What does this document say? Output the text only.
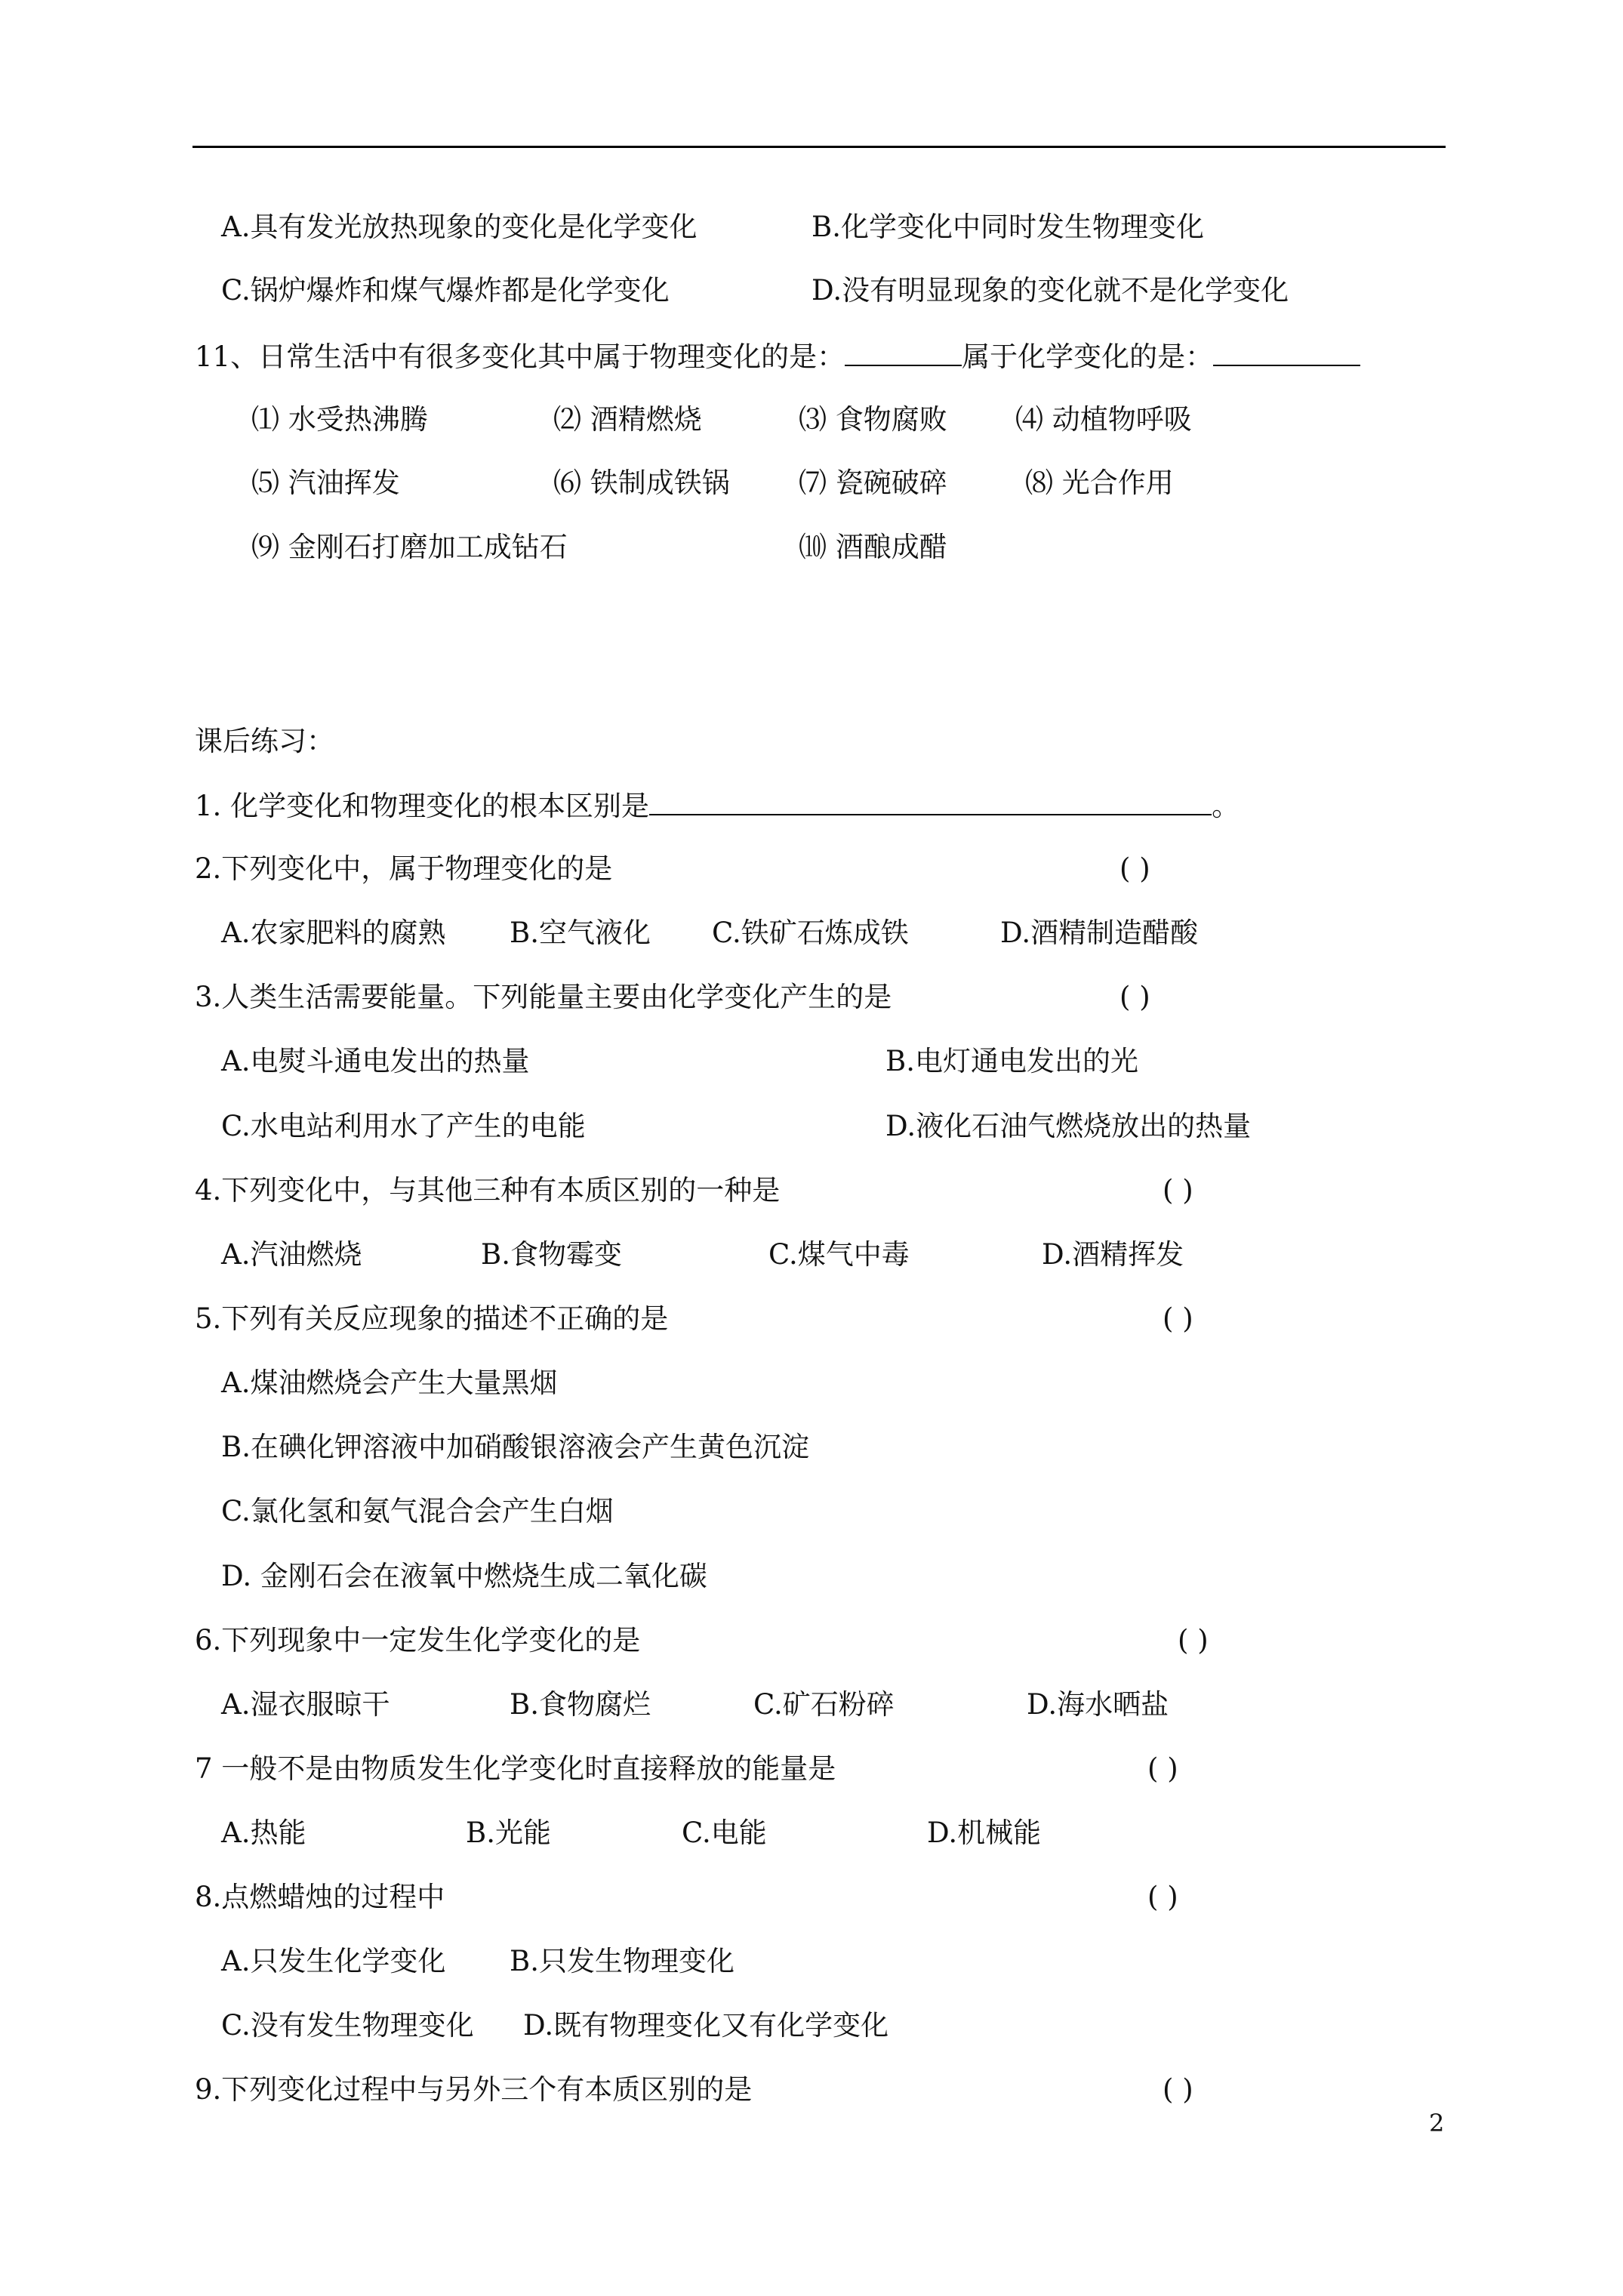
A.具有发光放热现象的变化是化学变化	B.化学变化中同时发生物理变化
C.锅炉爆炸和煤气爆炸都是化学变化	D.没有明显现象的变化就不是化学变化
11、日常生活中有很多变化其中属于物理变化的是：	属于化学变化的是：
⑴ 水受热沸腾	⑵ 酒精燃烧	⑶ 食物腐败 ⑷ 动植物呼吸
⑸ 汽油挥发	⑹ 铁制成铁锅 ⑺ 瓷碗破碎	⑻ 光合作用
⑼ 金刚石打磨加工成钻石	⑽ 酒酿成醋
课后练习：
1. 化学变化和物理变化的根本区别是	。
2.下列变化中，属于物理变化的是	( )
A.农家肥料的腐熟 B.空气液化 C.铁矿石炼成铁	D.酒精制造醋酸
3.人类生活需要能量。下列能量主要由化学变化产生的是	( )
A.电熨斗通电发出的热量	B.电灯通电发出的光
C.水电站利用水了产生的电能	D.液化石油气燃烧放出的热量
4.下列变化中，与其他三种有本质区别的一种是	( )
A.汽油燃烧	B.食物霉变	C.煤气中毒	D.酒精挥发
5.下列有关反应现象的描述不正确的是	( )
A.煤油燃烧会产生大量黑烟
B.在碘化钾溶液中加硝酸银溶液会产生黄色沉淀
C.氯化氢和氨气混合会产生白烟
D. 金刚石会在液氧中燃烧生成二氧化碳
6.下列现象中一定发生化学变化的是	( )
A.湿衣服晾干	B.食物腐烂	C.矿石粉碎	D.海水晒盐
7 一般不是由物质发生化学变化时直接释放的能量是	( )
A.热能	B.光能	C.电能	D.机械能
8.点燃蜡烛的过程中	( )
A.只发生化学变化 B.只发生物理变化
C.没有发生物理变化 D.既有物理变化又有化学变化
9.下列变化过程中与另外三个有本质区别的是	( )
2
